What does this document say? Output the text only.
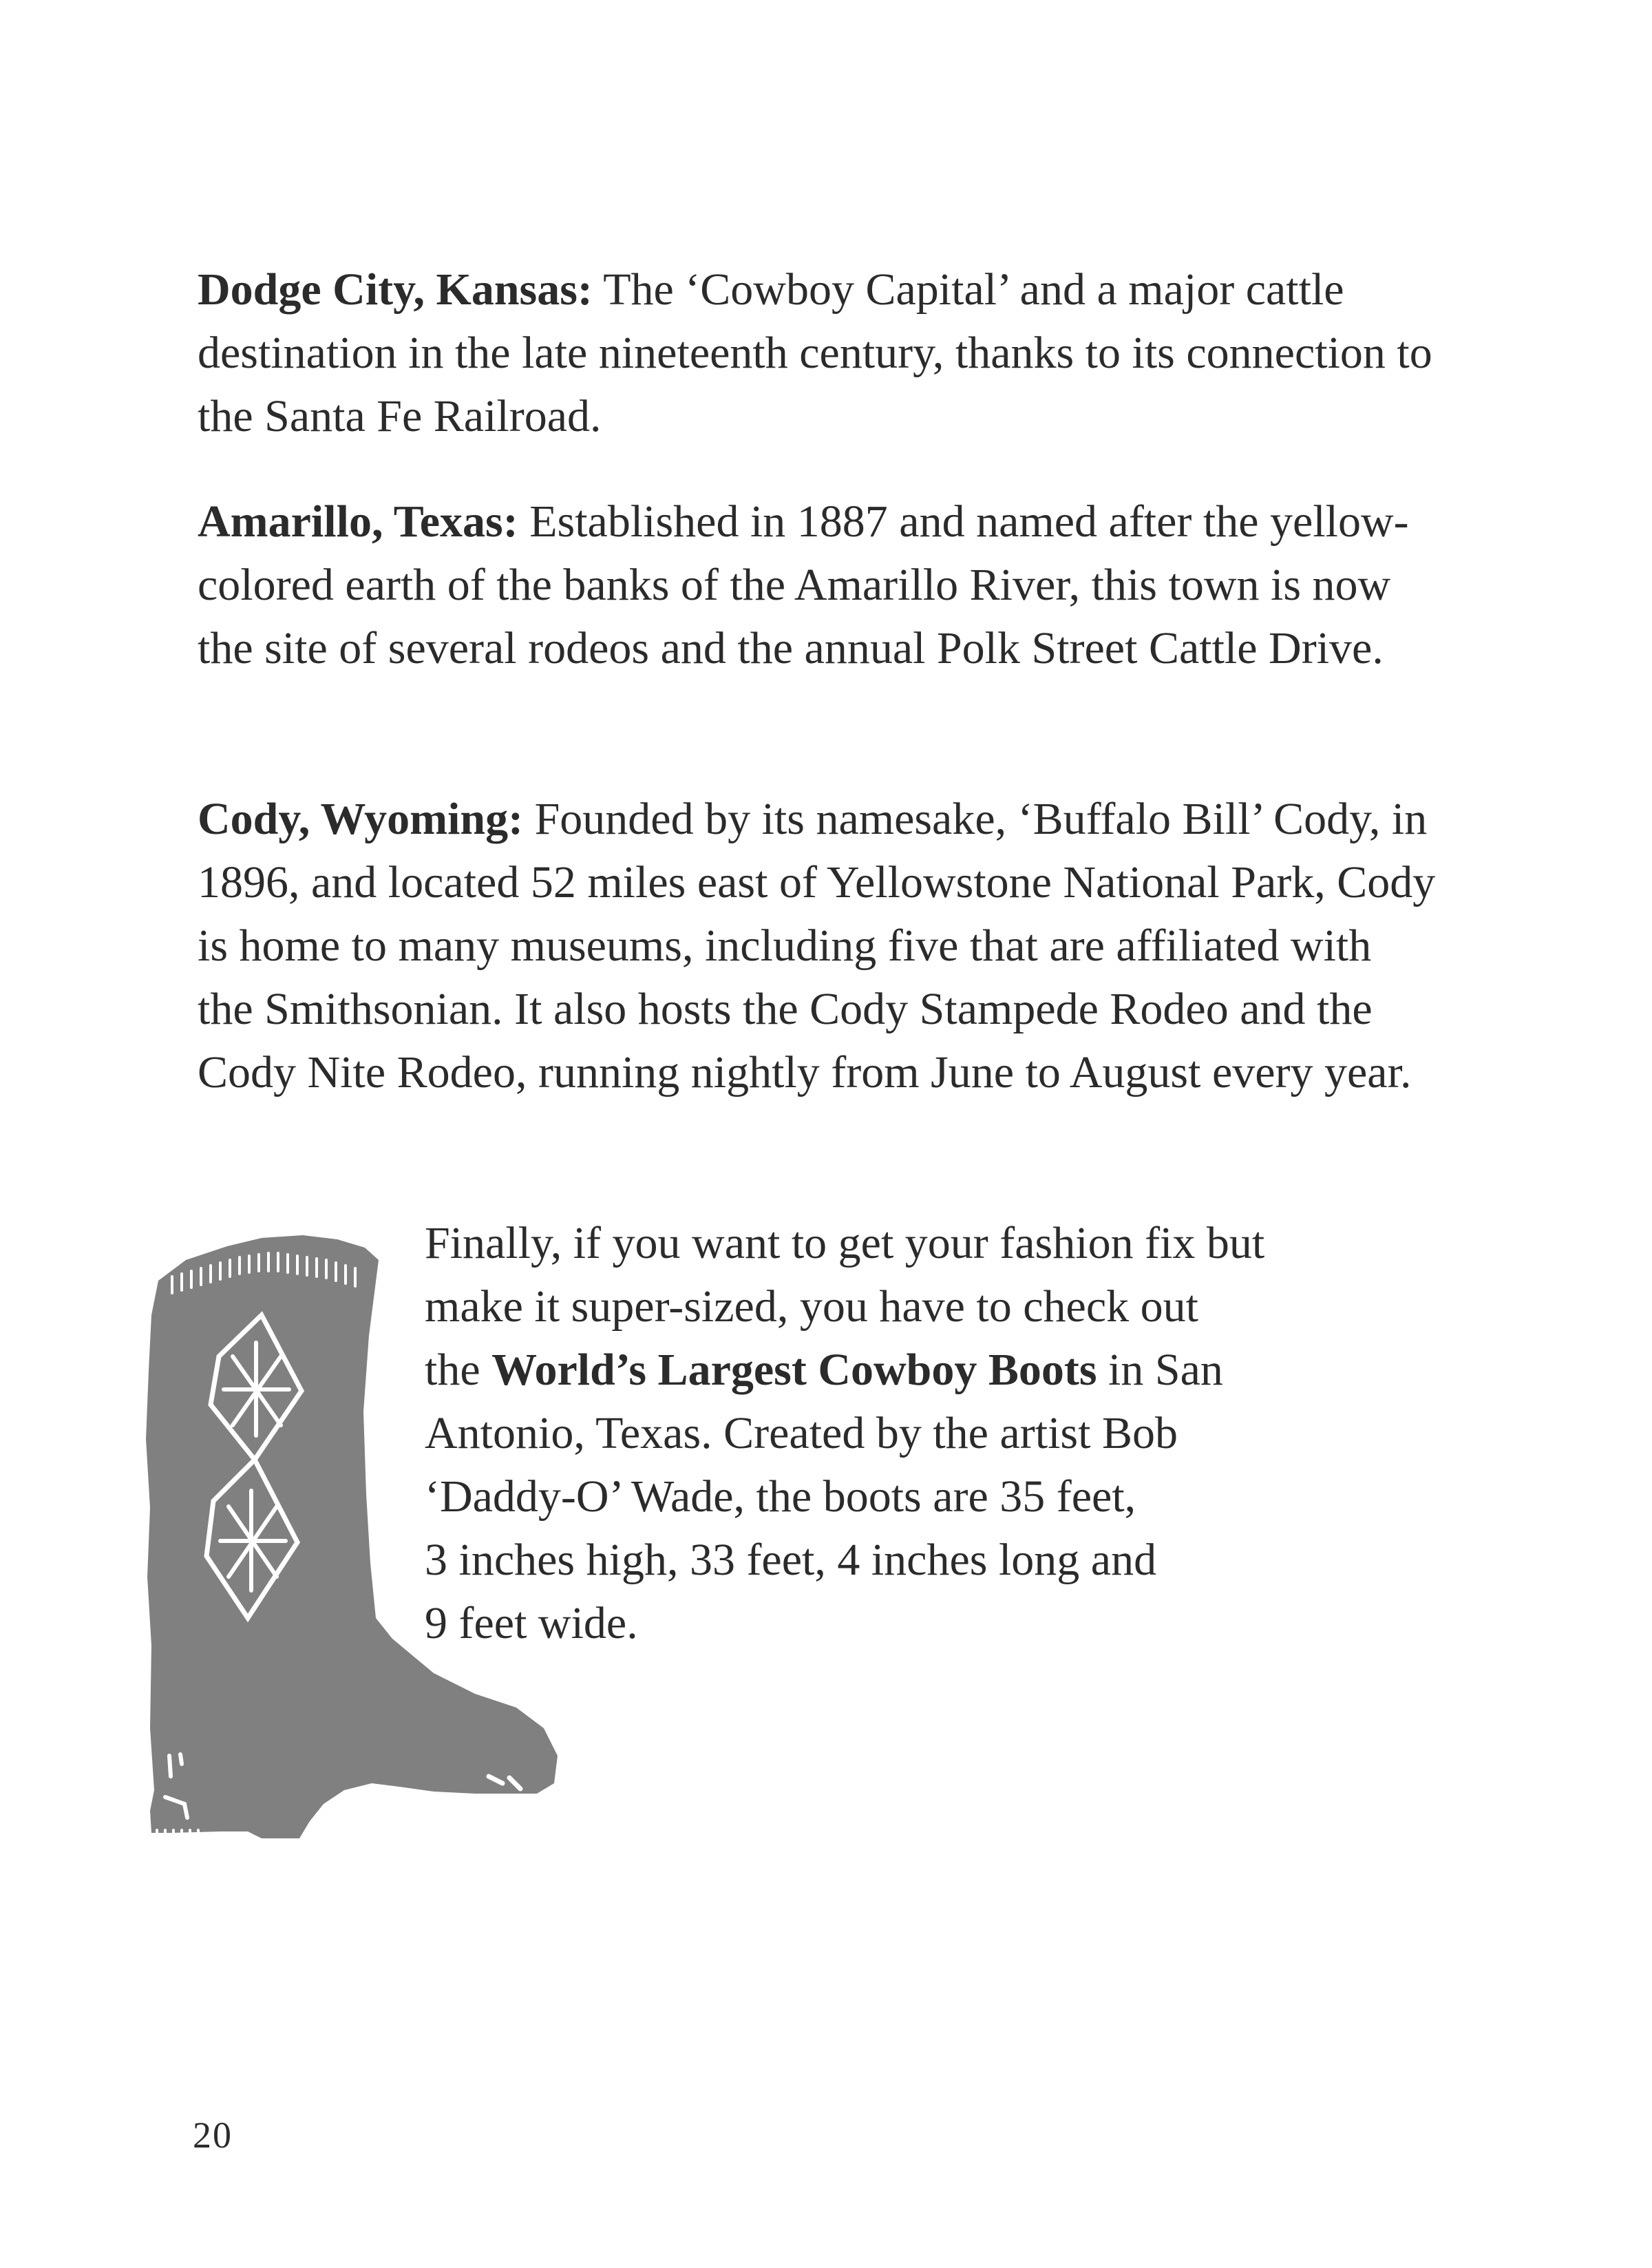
Dodge City, Kansas: The ‘Cowboy Capital’ and a major cattle destination in the late nineteenth century, thanks to its connection to the Santa Fe Railroad.

Amarillo, Texas: Established in 1887 and named after the yellow-colored earth of the banks of the Amarillo River, this town is now the site of several rodeos and the annual Polk Street Cattle Drive.

Cody, Wyoming: Founded by its namesake, ‘Buffalo Bill’ Cody, in 1896, and located 52 miles east of Yellowstone National Park, Cody is home to many museums, including five that are affiliated with the Smithsonian. It also hosts the Cody Stampede Rodeo and the Cody Nite Rodeo, running nightly from June to August every year.

Finally, if you want to get your fashion fix but
make it super-sized, you have to check out
the World’s Largest Cowboy Boots in San
Antonio, Texas. Created by the artist Bob
‘Daddy-O’ Wade, the boots are 35 feet,
3 inches high, 33 feet, 4 inches long and
9 feet wide.

20
